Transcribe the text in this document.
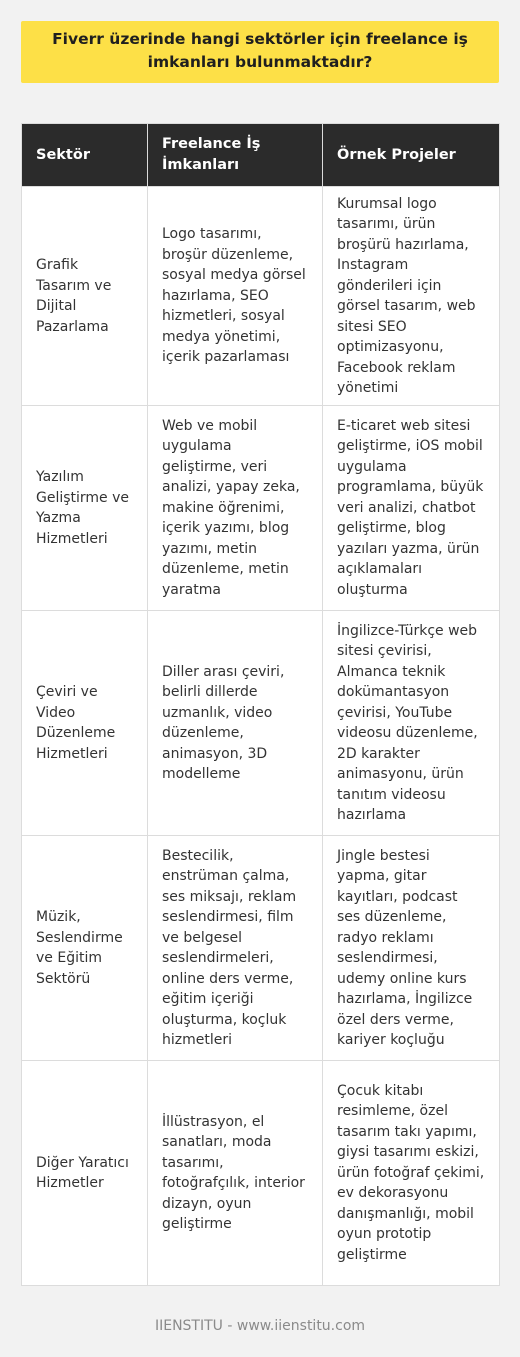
Fiverr üzerinde hangi sektörler için freelance iş imkanları bulunmaktadır?
Sektör	Freelance İş İmkanları	Örnek Projeler
Grafik Tasarım ve Dijital Pazarlama	Logo tasarımı, broşür düzenleme, sosyal medya görsel hazırlama, SEO hizmetleri, sosyal medya yönetimi, içerik pazarlaması	Kurumsal logo tasarımı, ürün broşürü hazırlama, Instagram gönderileri için görsel tasarım, web sitesi SEO optimizasyonu, Facebook reklam yönetimi
Yazılım Geliştirme ve Yazma Hizmetleri	Web ve mobil uygulama geliştirme, veri analizi, yapay zeka, makine öğrenimi, içerik yazımı, blog yazımı, metin düzenleme, metin yaratma	E-ticaret web sitesi geliştirme, iOS mobil uygulama programlama, büyük veri analizi, chatbot geliştirme, blog yazıları yazma, ürün açıklamaları oluşturma
Çeviri ve Video Düzenleme Hizmetleri	Diller arası çeviri, belirli dillerde uzmanlık, video düzenleme, animasyon, 3D modelleme	İngilizce-Türkçe web sitesi çevirisi, Almanca teknik dokümantasyon çevirisi, YouTube videosu düzenleme, 2D karakter animasyonu, ürün tanıtım videosu hazırlama
Müzik, Seslendirme ve Eğitim Sektörü	Bestecilik, enstrüman çalma, ses miksajı, reklam seslendirmesi, film ve belgesel seslendirmeleri, online ders verme, eğitim içeriği oluşturma, koçluk hizmetleri	Jingle bestesi yapma, gitar kayıtları, podcast ses düzenleme, radyo reklamı seslendirmesi, udemy online kurs hazırlama, İngilizce özel ders verme, kariyer koçluğu
Diğer Yaratıcı Hizmetler	İllüstrasyon, el sanatları, moda tasarımı, fotoğrafçılık, interior dizayn, oyun geliştirme	Çocuk kitabı resimleme, özel tasarım takı yapımı, giysi tasarımı eskizi, ürün fotoğraf çekimi, ev dekorasyonu danışmanlığı, mobil oyun prototip geliştirme
IIENSTITU - www.iienstitu.com
